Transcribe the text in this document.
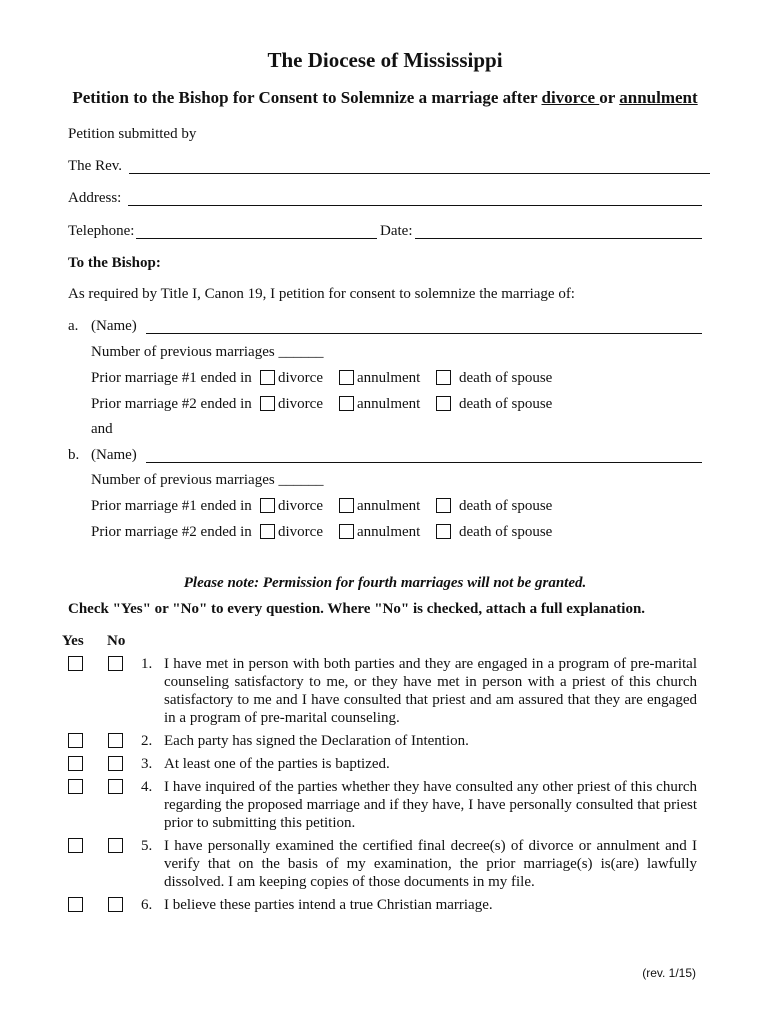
The Diocese of Mississippi
Petition to the Bishop for Consent to Solemnize a marriage after divorce or annulment
Petition submitted by
The Rev.
Address:
Telephone:	Date:
To the Bishop:
As required by Title I, Canon 19, I petition for consent to solemnize the marriage of:
a. (Name)
Number of previous marriages ______
Prior marriage #1 ended in divorce annulment	death of spouse
Prior marriage #2 ended in divorce annulment	death of spouse
and
b. (Name)
Number of previous marriages ______
Prior marriage #1 ended in divorce annulment	death of spouse
Prior marriage #2 ended in divorce annulment	death of spouse
Please note: Permission for fourth marriages will not be granted.
Check "Yes" or "No" to every question. Where "No" is checked, attach a full explanation.
Yes No
1. I have met in person with both parties and they are engaged in a program of pre-marital counseling satisfactory to me, or they have met in person with a priest of this church satisfactory to me and I have consulted that priest and am assured that they are engaged in a program of pre-marital counseling.
2. Each party has signed the Declaration of Intention.
3. At least one of the parties is baptized.
4. I have inquired of the parties whether they have consulted any other priest of this church regarding the proposed marriage and if they have, I have personally consulted that priest prior to submitting this petition.
5. I have personally examined the certified final decree(s) of divorce or annulment and I verify that on the basis of my examination, the prior marriage(s) is(are) lawfully dissolved. I am keeping copies of those documents in my file.
6. I believe these parties intend a true Christian marriage.
(rev. 1/15)
